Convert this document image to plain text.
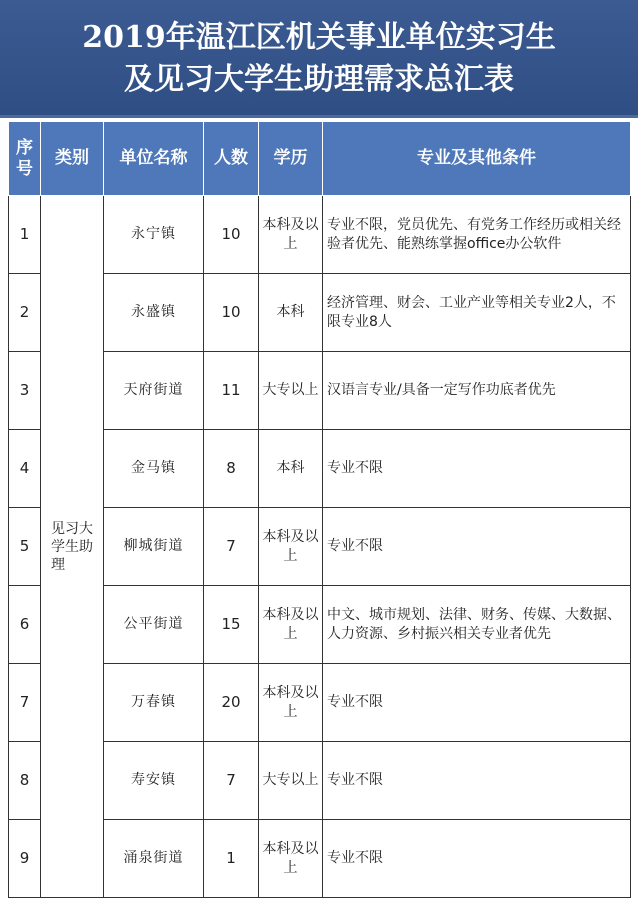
2019年温江区机关事业单位实习生
及见习大学生助理需求总汇表
序号	类别	单位名称	人数	学历	专业及其他条件
1	见习大学生助理	永宁镇	10	本科及以上	专业不限，党员优先、有党务工作经历或相关经验者优先、能熟练掌握office办公软件
2		永盛镇	10	本科	经济管理、财会、工业产业等相关专业2人，不限专业8人
3		天府街道	11	大专以上	汉语言专业/具备一定写作功底者优先
4		金马镇	8	本科	专业不限
5		柳城街道	7	本科及以上	专业不限
6		公平街道	15	本科及以上	中文、城市规划、法律、财务、传媒、大数据、人力资源、乡村振兴相关专业者优先
7		万春镇	20	本科及以上	专业不限
8		寿安镇	7	大专以上	专业不限
9		涌泉街道	1	本科及以上	专业不限
